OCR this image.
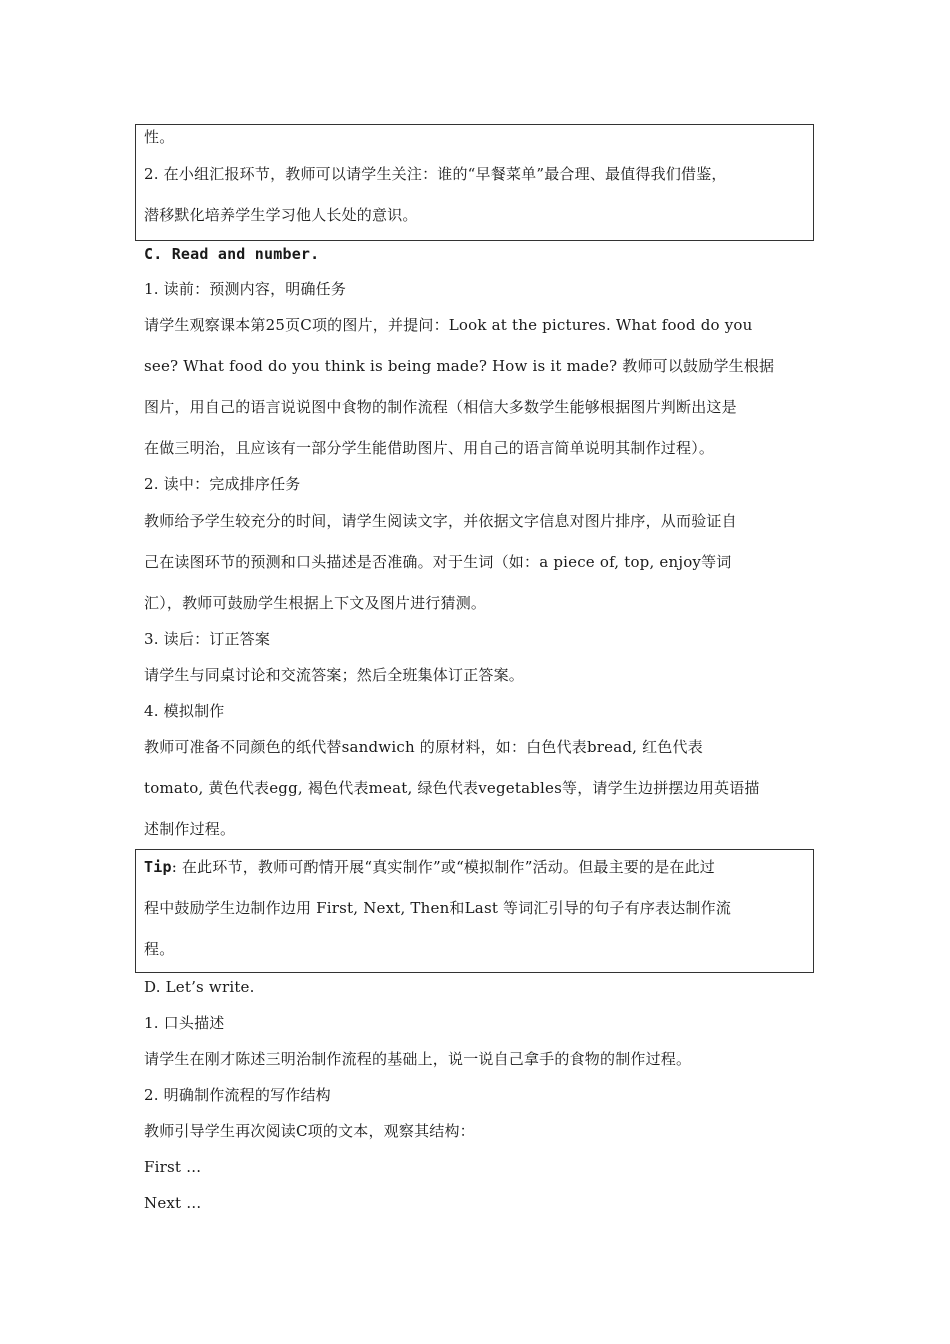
性。
2. 在小组汇报环节，教师可以请学生关注：谁的“早餐菜单”最合理、最值得我们借鉴，
潜移默化培养学生学习他人长处的意识。
C. Read and number.
1. 读前：预测内容，明确任务
请学生观察课本第25页C项的图片，并提问：Look at the pictures. What food do you
see? What food do you think is being made? How is it made? 教师可以鼓励学生根据
图片，用自己的语言说说图中食物的制作流程（相信大多数学生能够根据图片判断出这是
在做三明治，且应该有一部分学生能借助图片、用自己的语言简单说明其制作过程）。
2. 读中：完成排序任务
教师给予学生较充分的时间，请学生阅读文字，并依据文字信息对图片排序，从而验证自
己在读图环节的预测和口头描述是否准确。对于生词（如：a piece of, top, enjoy等词
汇），教师可鼓励学生根据上下文及图片进行猜测。
3. 读后：订正答案
请学生与同桌讨论和交流答案；然后全班集体订正答案。
4. 模拟制作
教师可准备不同颜色的纸代替sandwich 的原材料，如：白色代表bread, 红色代表
tomato, 黄色代表egg, 褐色代表meat, 绿色代表vegetables等，请学生边拼摆边用英语描
述制作过程。
Tip: 在此环节，教师可酌情开展“真实制作”或“模拟制作”活动。但最主要的是在此过
程中鼓励学生边制作边用 First, Next, Then和Last 等词汇引导的句子有序表达制作流
程。
D. Let’s write.
1. 口头描述
请学生在刚才陈述三明治制作流程的基础上，说一说自己拿手的食物的制作过程。
2. 明确制作流程的写作结构
教师引导学生再次阅读C项的文本，观察其结构：
First …
Next …
